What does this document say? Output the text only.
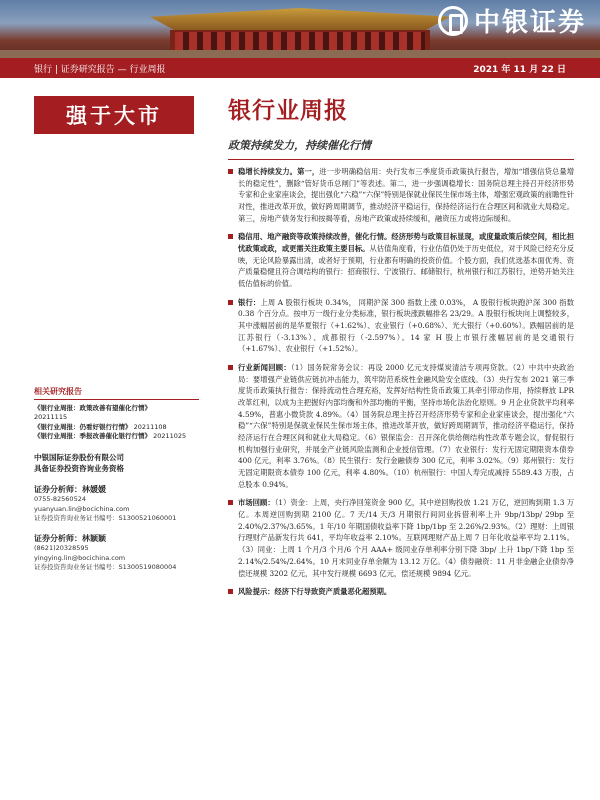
中银证券
银行 | 证券研究报告 — 行业周报	2021 年 11 月 22 日
强于大市	银行业周报
政策持续发力，持续催化行情
稳增长持续发力。第一，进一步明确稳信用：央行发布三季度货币政策执行报告，增加“增强信贷总量增长的稳定性”，删除“管好货币总闸门”等表述。第二，进一步强调稳增长：国务院总理主持召开经济形势专家和企业家座谈会，提出强化“六稳”“六保”特别是保就业保民生保市场主体，增强宏观政策的前瞻性针对性，推进改革开放，做好跨周期调节，推动经济平稳运行，保持经济运行在合理区间和就业大局稳定。第三，房地产债务发行和按揭等看，房地产政策或持续缓和，融资压力或将边际缓和。
稳信用、地产融资等政策持续改善，催化行情。经济形势与政策目标显现，或度量政策后续空间，相比担忧政策或政，或更需关注政策主要目标。从估值角度看，行业估值仍处于历史低位，对于风险已经充分反映，无论风险暴露出清，或者好于预期，行业都有明确的投资价值。个股方面，我们优选基本面优秀、资产质量稳健且符合调结构的银行：招商银行、宁波银行、邮储银行，杭州银行和江苏银行，逆势开始关注低估值标的价值。
银行：上周 A 股银行板块 0.34%， 同期沪深 300 指数上涨 0.03%， A 股银行板块跑沪深 300 指数 0.38 个百分点。按申万一级行业分类标准，银行板块涨跌幅排名 23/29。A 股银行板块向上调整较多，其中涨幅居前的是华夏银行（+1.62%）、农业银行（+0.68%）、光大银行（+0.60%）。跌幅居前的是江苏银行（-3.13%）、成都银行（-2.597%）。14 家 H 股上市银行涨幅居前的是交通银行（+1.67%）、农业银行（+1.52%）。
行业新闻回顾：（1）国务院常务会议：再设 2000 亿元支持煤炭清洁专项再贷款。（2）中共中央政治局：要增强产业链供应链抗冲击能力，筑牢防范系统性金融风险安全底线。（3）央行发布 2021 第三季度货币政策执行报告：保持流动性合理充裕，发挥好结构性货币政策工具牵引带动作用，持续释放 LPR 改革红利，以成为主把握好内部均衡和外部均衡的平衡，坚持市场化法治化原则。9 月企业贷款平均利率 4.59%，普惠小微贷款 4.89%。（4）国务院总理主持召开经济形势专家和企业家座谈会，提出强化“六稳”“六保”特别是保就业保民生保市场主体，推进改革开放，做好跨周期调节，推动经济平稳运行，保持经济运行在合理区间和就业大局稳定。（6）银保监会：召开深化供给侧结构性改革专题会议，督促银行机构加强行业研究，并展金产业链风险监测和企业授信管理。（7）农业银行：发行无固定期限资本债券 400 亿元，利率 3.76%。（8）民生银行：发行金融债券 300 亿元，利率 3.02%。（9）郑州银行：发行无固定期限资本债券 100 亿元，利率 4.80%。（10）杭州银行：中国人寿完成减持 5589.43 万股，占总股本 0.94%。
市场回顾：（1）资金：上周，央行净回笼资金 900 亿，其中逆回购投放 1.21 万亿，逆回购到期 1.3 万亿。本周逆回购到期 2100 亿。7 天/14 天/3 月期银行间同业拆借利率上升 9bp/13bp/ 29bp 至 2.40%/2.37%/3.65%。1 年/10 年期国债收益率下降 1bp/1bp 至 2.26%/2.93%。（2）理财：上周银行理财产品新发行共 641，平均年收益率 2.10%。互联网理财产品上周 7 日年化收益率平均 2.11%。（3）同业：上周 1 个月/3 个月/6 个月 AAA+ 级同业存单利率分别下降 3bp/ 上升 1bp/下降 1bp 至 2.14%/2.54%/2.64%。10 月末同业存单余额为 13.12 万亿。（4）债券融资：11 月非金融企业债券净偿还规模 3202 亿元，其中发行规模 6693 亿元，偿还规模 9894 亿元。
风险提示：经济下行导致资产质量恶化超预期。
相关研究报告
《银行业周报：政策改善有望催化行情》
20211115
《银行业周报：仍看好银行行情》 20211108
《银行业周报：季报改善催化银行行情》 20211025
中银国际证券股份有限公司
具备证券投资咨询业务资格
证券分析师：林媛媛
0755-82560524
yuanyuan.lin@bocichina.com
证券投资咨询业务证书编号：S1300521060001
证券分析师：林颖颖
(8621)20328595
yingying.lin@bocichina.com
证券投资咨询业务证书编号：S1300519080004
